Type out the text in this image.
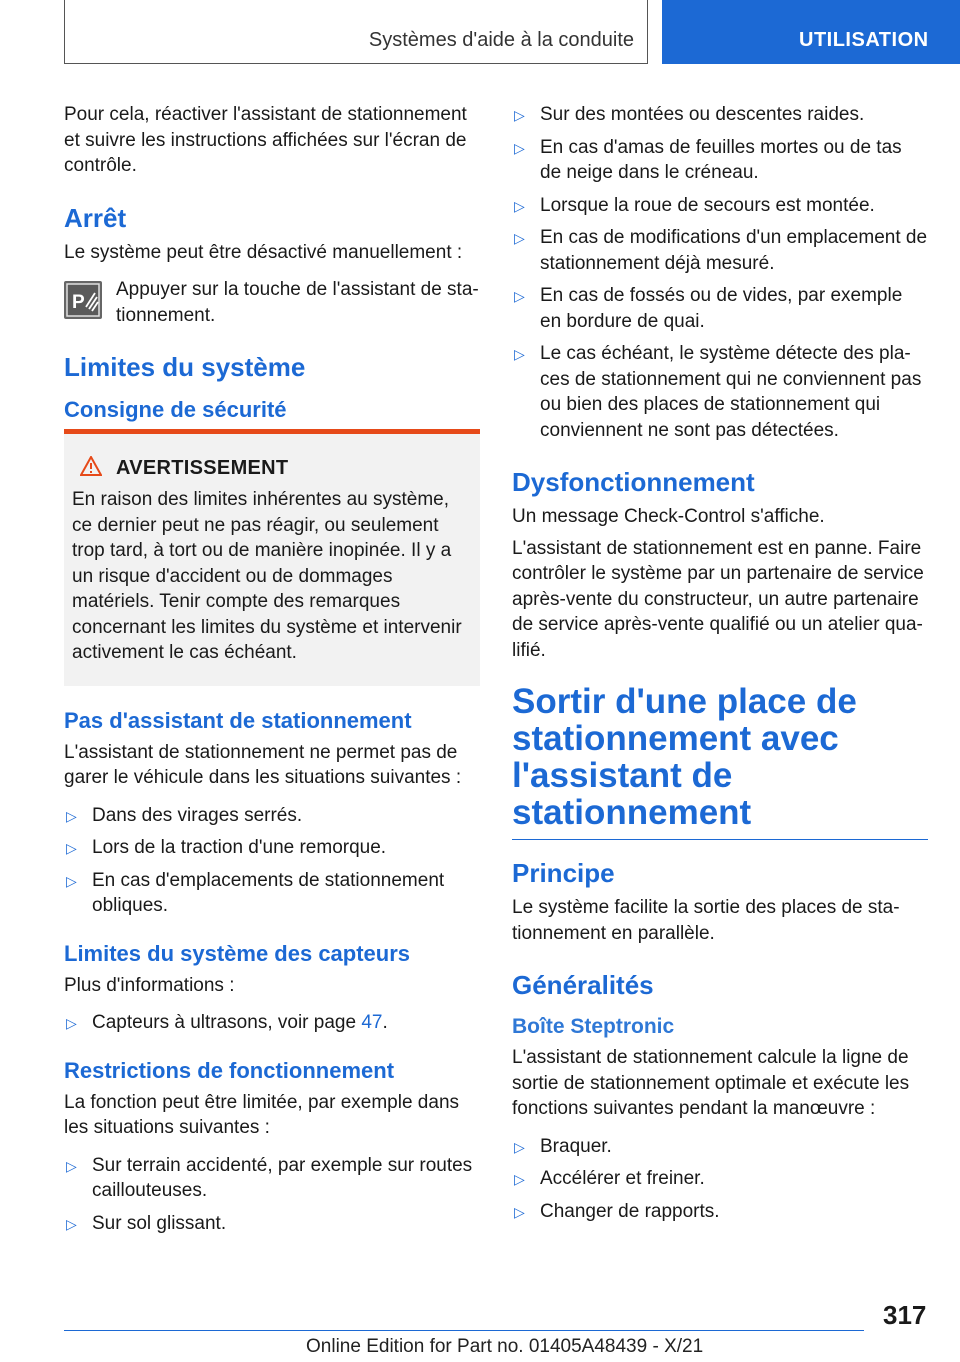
Systèmes d'aide à la conduite	UTILISATION

Pour cela, réactiver l'assistant de stationnement et suivre les instructions affichées sur l'écran de contrôle.

Arrêt

Le système peut être désactivé manuellement :

P

Appuyer sur la touche de l'assistant de stationnement.

Limites du système
Consigne de sécurité
AVERTISSEMENT

En raison des limites inhérentes au système, ce dernier peut ne pas réagir, ou seulement trop tard, à tort ou de manière inopinée. Il y a un risque d'accident ou de dommages matériels. Tenir compte des remarques concernant les limites du système et intervenir activement le cas échéant.

Pas d'assistant de stationnement

L'assistant de stationnement ne permet pas de garer le véhicule dans les situations suivantes :

▷ Dans des virages serrés.
▷ Lors de la traction d'une remorque.
▷ En cas d'emplacements de stationnement obliques.
Limites du système des capteurs

Plus d'informations :

▷ Capteurs à ultrasons, voir page 47.
Restrictions de fonctionnement

La fonction peut être limitée, par exemple dans les situations suivantes :

▷ Sur terrain accidenté, par exemple sur routes caillouteuses.
▷ Sur sol glissant.
▷ Sur des montées ou descentes raides.
▷ En cas d'amas de feuilles mortes ou de tas de neige dans le créneau.
▷ Lorsque la roue de secours est montée.
▷ En cas de modifications d'un emplacement de stationnement déjà mesuré.
▷ En cas de fossés ou de vides, par exemple en bordure de quai.
▷ Le cas échéant, le système détecte des places de stationnement qui ne conviennent pas ou bien des places de stationnement qui conviennent ne sont pas détectées.
Dysfonctionnement

Un message Check-Control s'affiche.

L'assistant de stationnement est en panne. Faire contrôler le système par un partenaire de service après-vente du constructeur, un autre partenaire de service après-vente qualifié ou un atelier qualifié.

Sortir d'une place de stationnement avec l'assistant de stationnement
Principe

Le système facilite la sortie des places de stationnement en parallèle.

Généralités
Boîte Steptronic

L'assistant de stationnement calcule la ligne de sortie de stationnement optimale et exécute les fonctions suivantes pendant la manœuvre :

▷ Braquer.
▷ Accélérer et freiner.
▷ Changer de rapports.
317
Online Edition for Part no. 01405A48439 - X/21
